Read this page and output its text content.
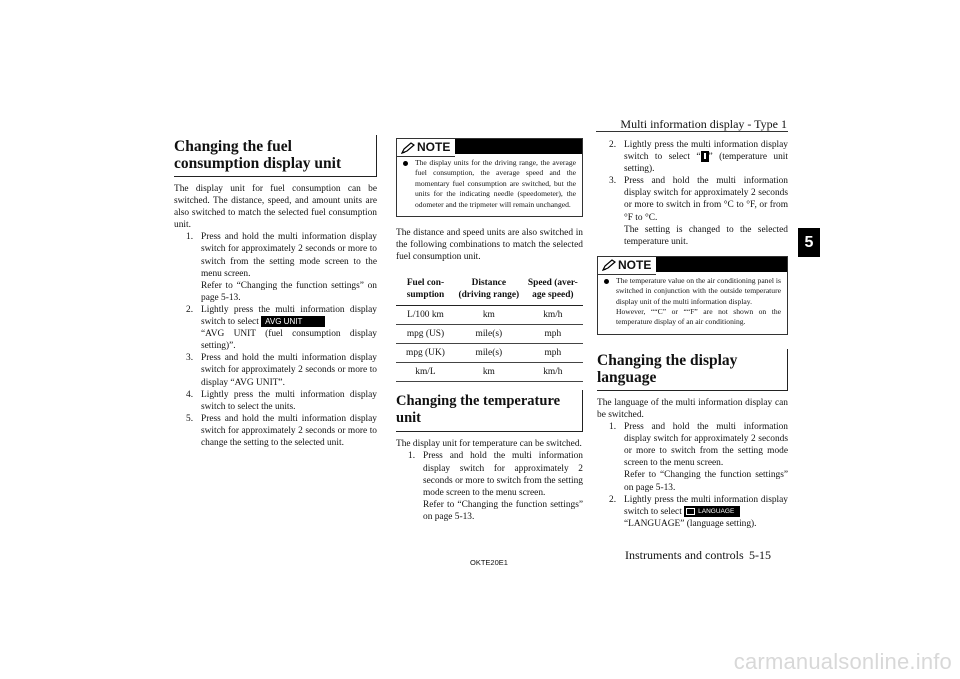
Multi information display - Type 1
5
Changing the fuel consumption display unit

The display unit for fuel consumption can be switched. The distance, speed, and amount units are also switched to match the selected fuel consumption unit.

1. Press and hold the multi information display switch for approximately 2 seconds or more to switch from the setting mode screen to the menu screen.
Refer to “Changing the function settings” on page 5-13.
2. Lightly press the multi information display switch to select AVG UNIT
“AVG UNIT (fuel consumption display setting)”.
3. Press and hold the multi information display switch for approximately 2 seconds or more to display “AVG UNIT”.
4. Lightly press the multi information display switch to select the units.
5. Press and hold the multi information display switch for approximately 2 seconds or more to change the setting to the selected unit.
NOTE
The display units for the driving range, the average fuel consumption, the average speed and the momentary fuel consumption are switched, but the units for the indicating needle (speedometer), the odometer and the tripmeter will remain unchanged.

The distance and speed units are also switched in the following combinations to match the selected fuel consumption unit.

Fuel con-sumption	Distance (driving range)	Speed (aver-age speed)
L/100 km	km	km/h
mpg (US)	mile(s)	mph
mpg (UK)	mile(s)	mph
km/L	km	km/h
Changing the temperature unit

The display unit for temperature can be switched.

1. Press and hold the multi information display switch for approximately 2 seconds or more to switch from the setting mode screen to the menu screen.
Refer to “Changing the function settings” on page 5-13.
2. Lightly press the multi information display switch to select “ ” (temperature unit setting).
3. Press and hold the multi information display switch for approximately 2 seconds or more to switch in from °C to °F, or from °F to °C.
The setting is changed to the selected temperature unit.
NOTE
The temperature value on the air conditioning panel is switched in conjunction with the outside temperature display unit of the multi information display.
However, ““C” or ““F” are not shown on the temperature display of an air conditioning.
Changing the display language

The language of the multi information display can be switched.

1. Press and hold the multi information display switch for approximately 2 seconds or more to switch from the setting mode screen to the menu screen.
Refer to “Changing the function settings” on page 5-13.
2. Lightly press the multi information display switch to select	LANGUAGE

“LANGUAGE” (language setting).
OKTE20E1
Instruments and controls 5-15
carmanualsonline.info
